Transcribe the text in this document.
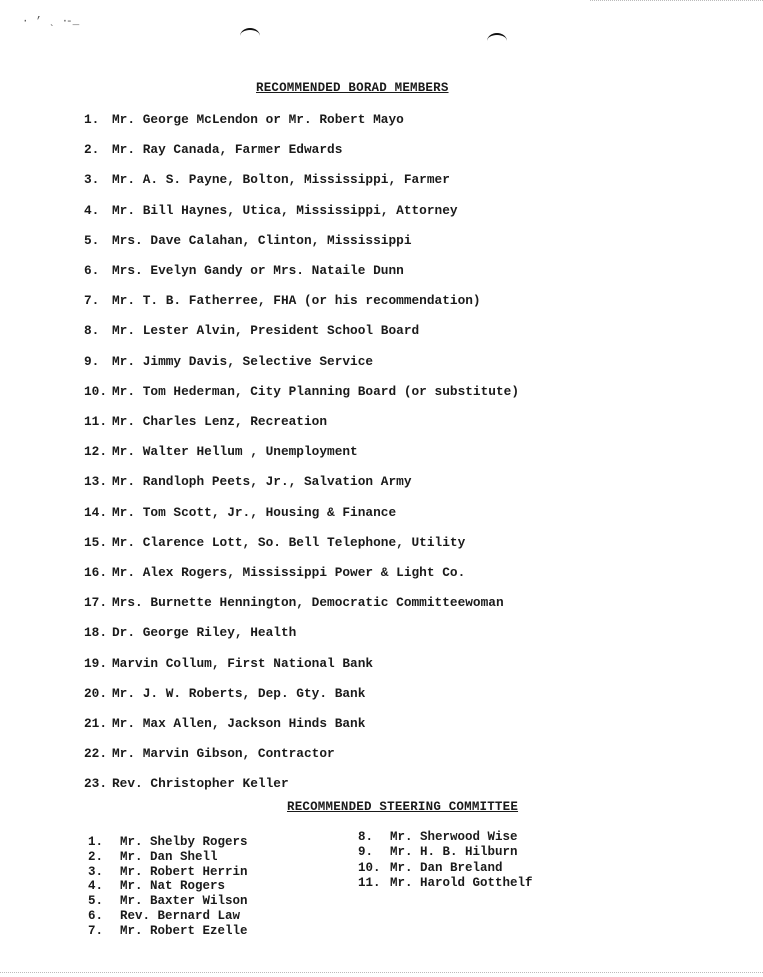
· ’ ˎ ·
-_
RECOMMENDED BORAD MEMBERS
1. Mr. George McLendon or Mr. Robert Mayo
2. Mr. Ray Canada, Farmer Edwards
3. Mr. A. S. Payne, Bolton, Mississippi, Farmer
4. Mr. Bill Haynes, Utica, Mississippi, Attorney
5. Mrs. Dave Calahan, Clinton, Mississippi
6. Mrs. Evelyn Gandy or Mrs. Nataile Dunn
7. Mr. T. B. Fatherree, FHA (or his recommendation)
8. Mr. Lester Alvin, President School Board
9. Mr. Jimmy Davis, Selective Service
10. Mr. Tom Hederman, City Planning Board (or substitute)
11. Mr. Charles Lenz, Recreation
12. Mr. Walter Hellum , Unemployment
13. Mr. Randloph Peets, Jr., Salvation Army
14. Mr. Tom Scott, Jr., Housing & Finance
15. Mr. Clarence Lott, So. Bell Telephone, Utility
16. Mr. Alex Rogers, Mississippi Power & Light Co.
17. Mrs. Burnette Hennington, Democratic Committeewoman
18. Dr. George Riley, Health
19. Marvin Collum, First National Bank
20. Mr. J. W. Roberts, Dep. Gty. Bank
21. Mr. Max Allen, Jackson Hinds Bank
22. Mr. Marvin Gibson, Contractor
23. Rev. Christopher Keller
RECOMMENDED STEERING COMMITTEE
1.	Mr. Shelby Rogers
2.	Mr. Dan Shell
3.	Mr. Robert Herrin
4.	Mr. Nat Rogers
5.	Mr. Baxter Wilson
6.	Rev. Bernard Law
7.	Mr. Robert Ezelle
8.	Mr. Sherwood Wise
9.	Mr. H. B. Hilburn
10. Mr. Dan Breland
11. Mr. Harold Gotthelf
